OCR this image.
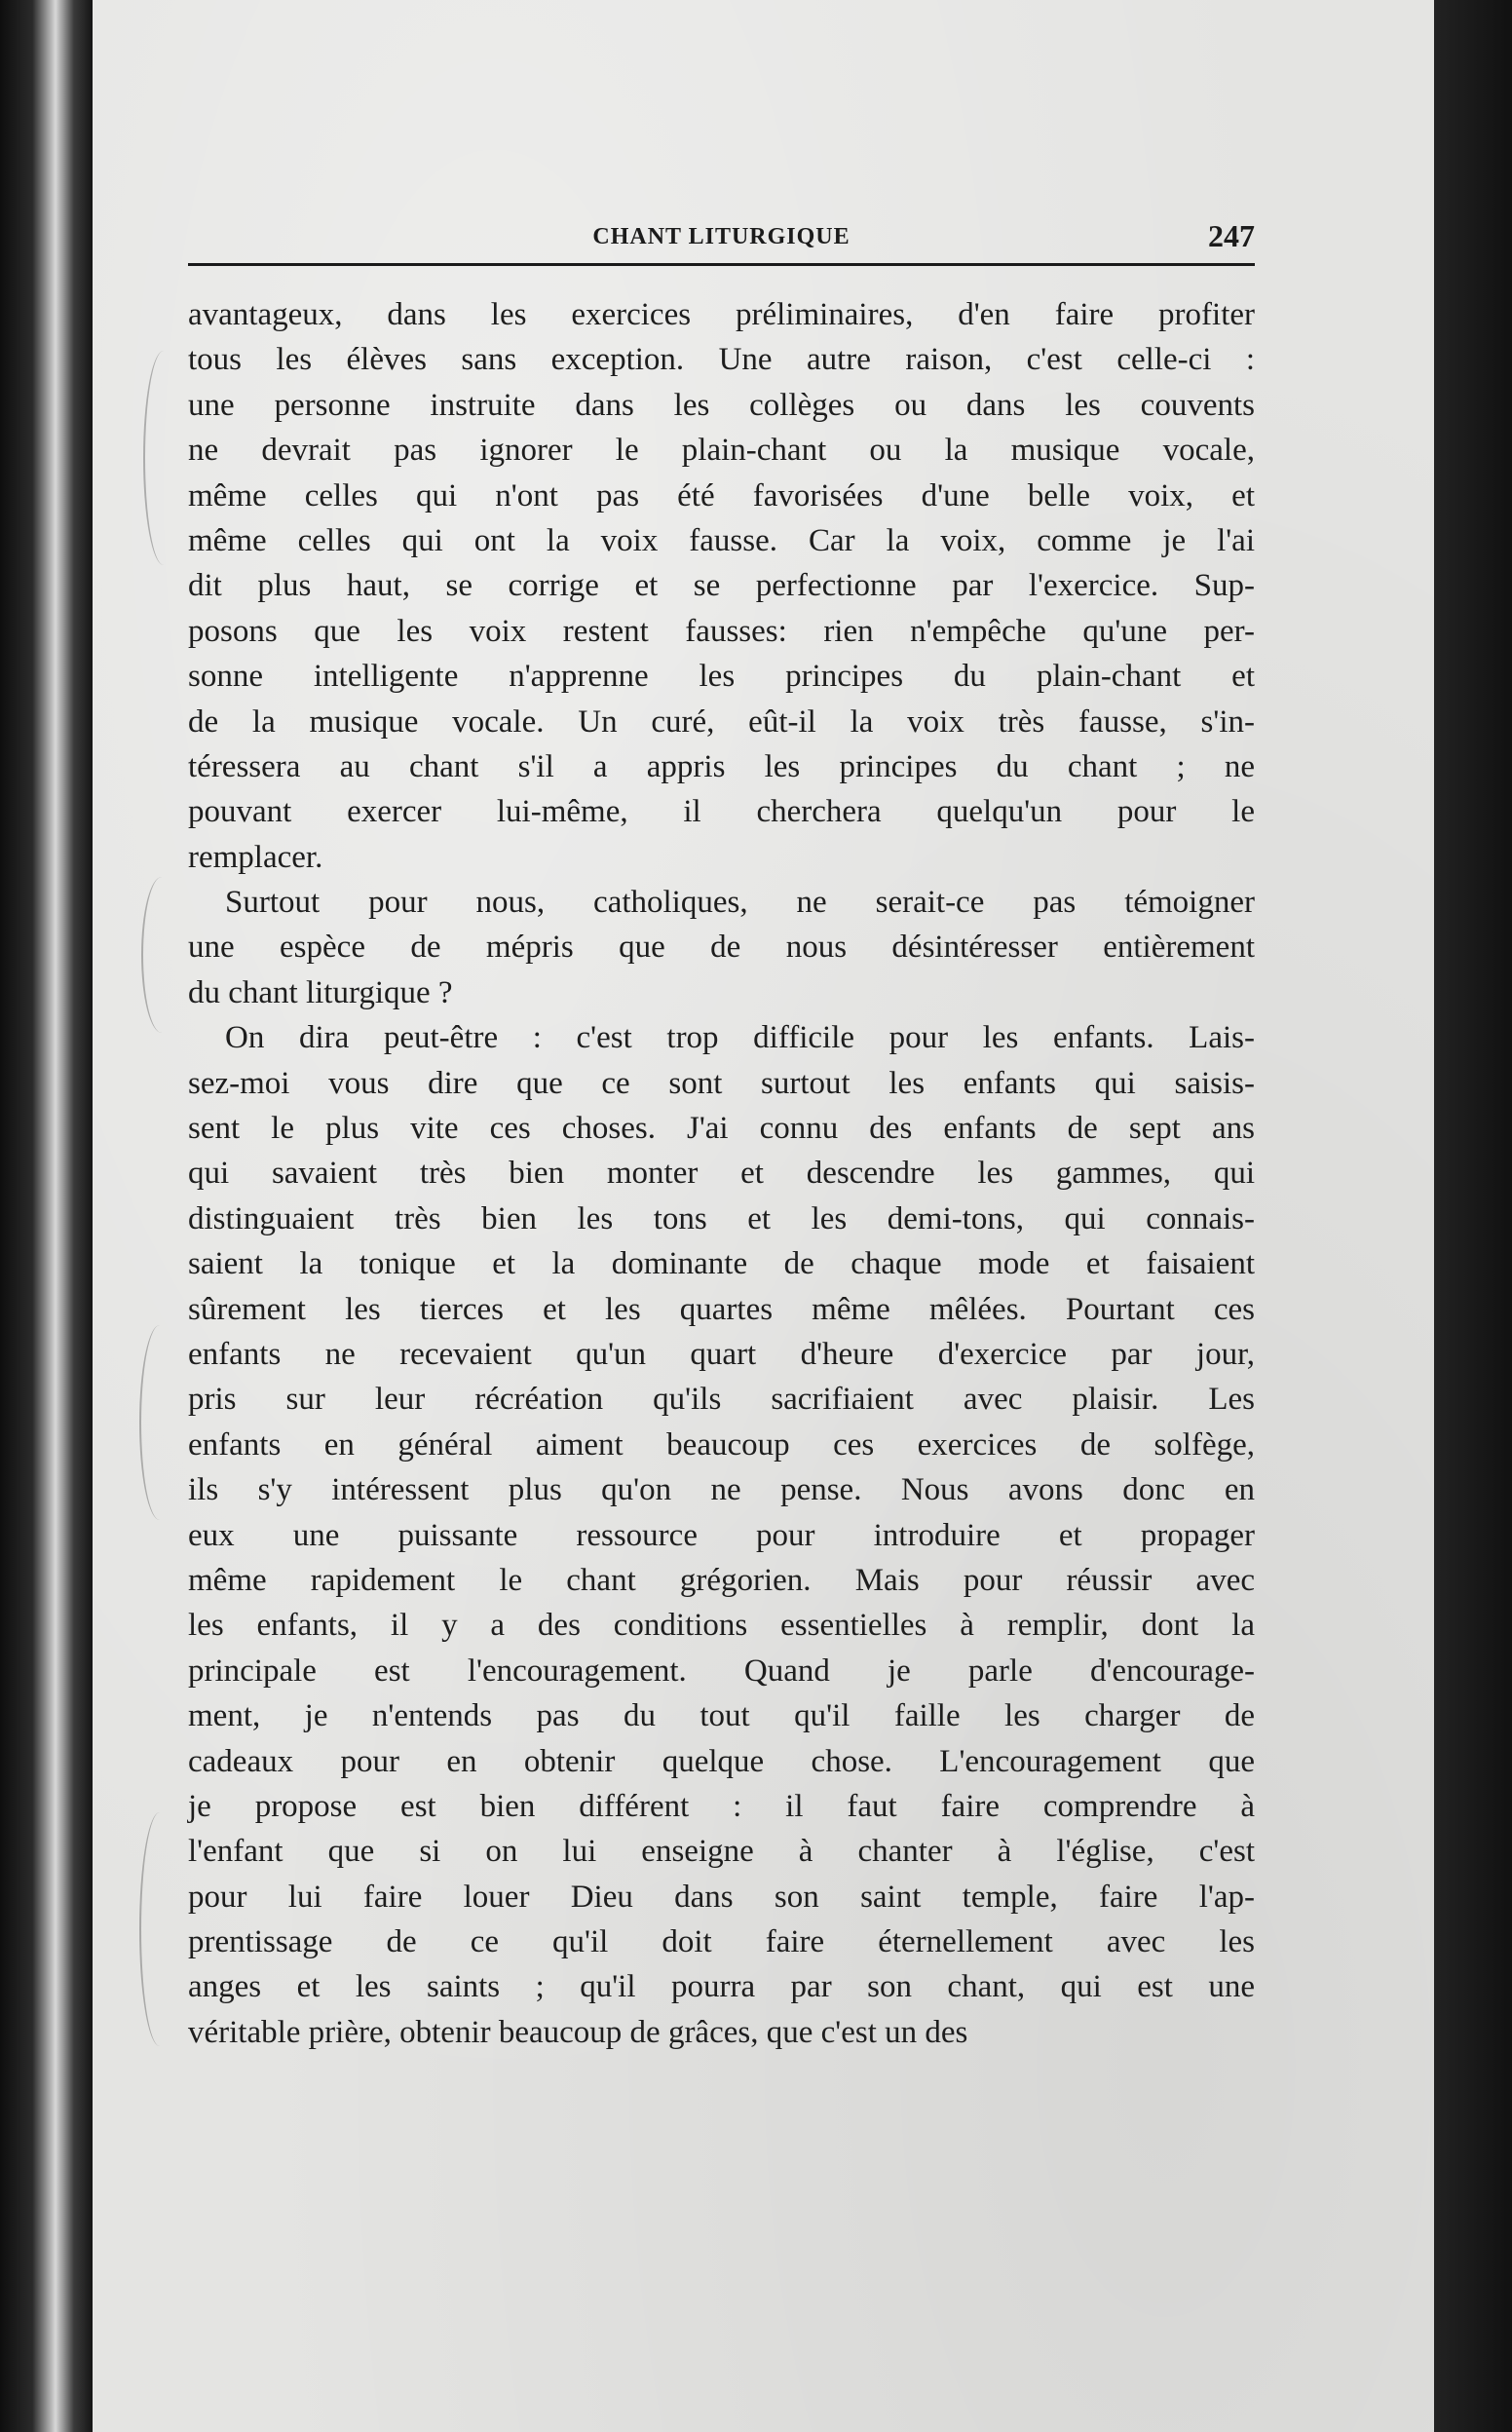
CHANT LITURGIQUE	247
avantageux, dans les exercices préliminaires, d'en faire profiter
tous les élèves sans exception. Une autre raison, c'est celle-ci :
une personne instruite dans les collèges ou dans les couvents
ne devrait pas ignorer le plain-chant ou la musique vocale,
même celles qui n'ont pas été favorisées d'une belle voix, et
même celles qui ont la voix fausse. Car la voix, comme je l'ai
dit plus haut, se corrige et se perfectionne par l'exercice. Sup-
posons que les voix restent fausses: rien n'empêche qu'une per-
sonne intelligente n'apprenne les principes du plain-chant et
de la musique vocale. Un curé, eût-il la voix très fausse, s'in-
téressera au chant s'il a appris les principes du chant ; ne
pouvant exercer lui-même, il cherchera quelqu'un pour le
remplacer.
Surtout pour nous, catholiques, ne serait-ce pas témoigner
une espèce de mépris que de nous désintéresser entièrement
du chant liturgique ?
On dira peut-être : c'est trop difficile pour les enfants. Lais-
sez-moi vous dire que ce sont surtout les enfants qui saisis-
sent le plus vite ces choses. J'ai connu des enfants de sept ans
qui savaient très bien monter et descendre les gammes, qui
distinguaient très bien les tons et les demi-tons, qui connais-
saient la tonique et la dominante de chaque mode et faisaient
sûrement les tierces et les quartes même mêlées. Pourtant ces
enfants ne recevaient qu'un quart d'heure d'exercice par jour,
pris sur leur récréation qu'ils sacrifiaient avec plaisir. Les
enfants en général aiment beaucoup ces exercices de solfège,
ils s'y intéressent plus qu'on ne pense. Nous avons donc en
eux une puissante ressource pour introduire et propager
même rapidement le chant grégorien. Mais pour réussir avec
les enfants, il y a des conditions essentielles à remplir, dont la
principale est l'encouragement. Quand je parle d'encourage-
ment, je n'entends pas du tout qu'il faille les charger de
cadeaux pour en obtenir quelque chose. L'encouragement que
je propose est bien différent : il faut faire comprendre à
l'enfant que si on lui enseigne à chanter à l'église, c'est
pour lui faire louer Dieu dans son saint temple, faire l'ap-
prentissage de ce qu'il doit faire éternellement avec les
anges et les saints ; qu'il pourra par son chant, qui est une
véritable prière, obtenir beaucoup de grâces, que c'est un des
